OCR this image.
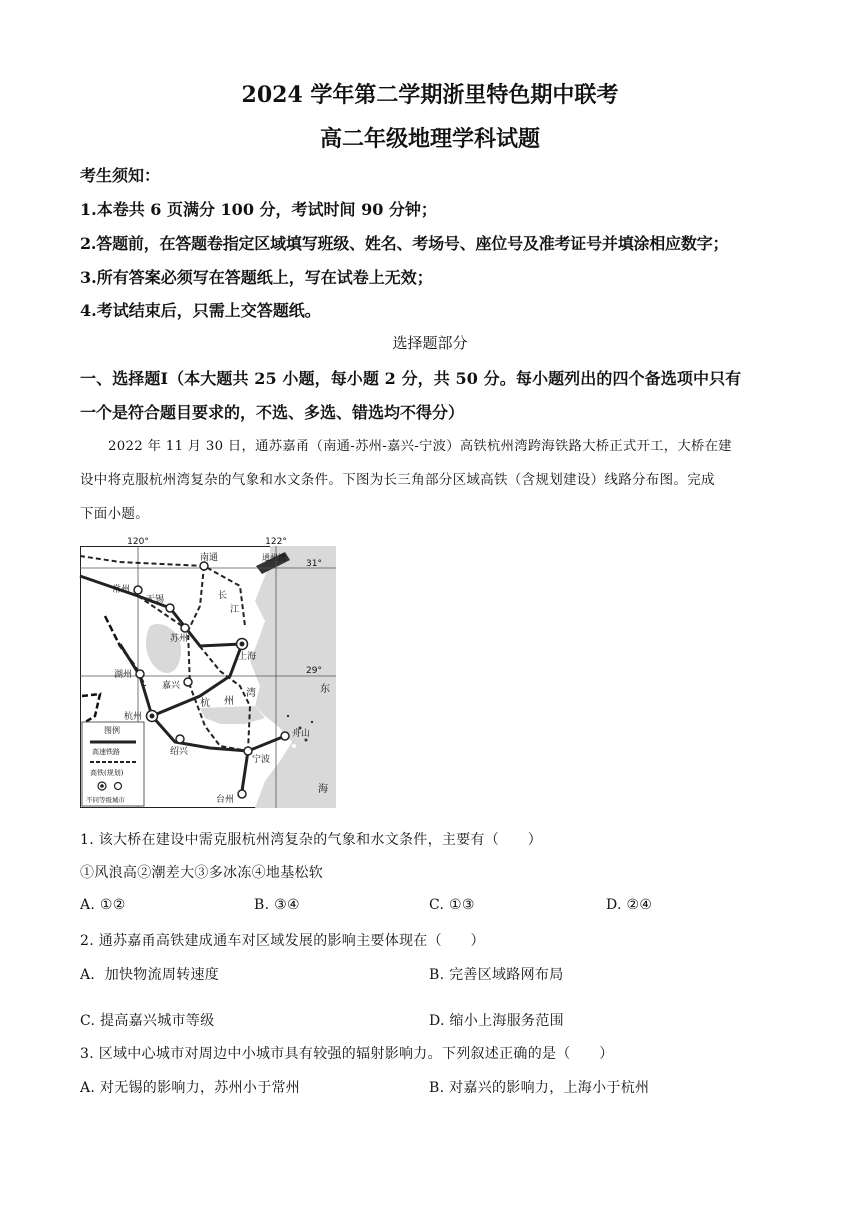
2024 学年第二学期浙里特色期中联考
高二年级地理学科试题
考生须知：
1.本卷共 6 页满分 100 分，考试时间 90 分钟；
2.答题前，在答题卷指定区域填写班级、姓名、考场号、座位号及准考证号并填涂相应数字；
3.所有答案必须写在答题纸上，写在试卷上无效；
4.考试结束后，只需上交答题纸。
选择题部分
一、选择题Ⅰ（本大题共 25 小题，每小题 2 分，共 50 分。每小题列出的四个备选项中只有
一个是符合题目要求的，不选、多选、错选均不得分）
2022 年 11 月 30 日，通苏嘉甬（南通-苏州-嘉兴-宁波）高铁杭州湾跨海铁路大桥正式开工，大桥在建
设中将克服杭州湾复杂的气象和水文条件。下图为长三角部分区域高铁（含规划建设）线路分布图。完成
下面小题。
120°	122°
31°
29°
南通
常州
无锡
苏州
上海
湖州
嘉兴
杭州
绍兴
宁波
舟山
台州
通州湾
长
江
杭 州
湾	东
海
图例
高速铁路
高铁(规划)
不同等级城市
1. 该大桥在建设中需克服杭州湾复杂的气象和水文条件，主要有（　　）
①风浪高②潮差大③多冰冻④地基松软
A. ①②	B. ③④	C. ①③	D. ②④
2. 通苏嘉甬高铁建成通车对区域发展的影响主要体现在（　　）
A．加快物流周转速度	B. 完善区域路网布局
C. 提高嘉兴城市等级	D. 缩小上海服务范围
3. 区域中心城市对周边中小城市具有较强的辐射影响力。下列叙述正确的是（　　）
A. 对无锡的影响力，苏州小于常州	B. 对嘉兴的影响力，上海小于杭州
